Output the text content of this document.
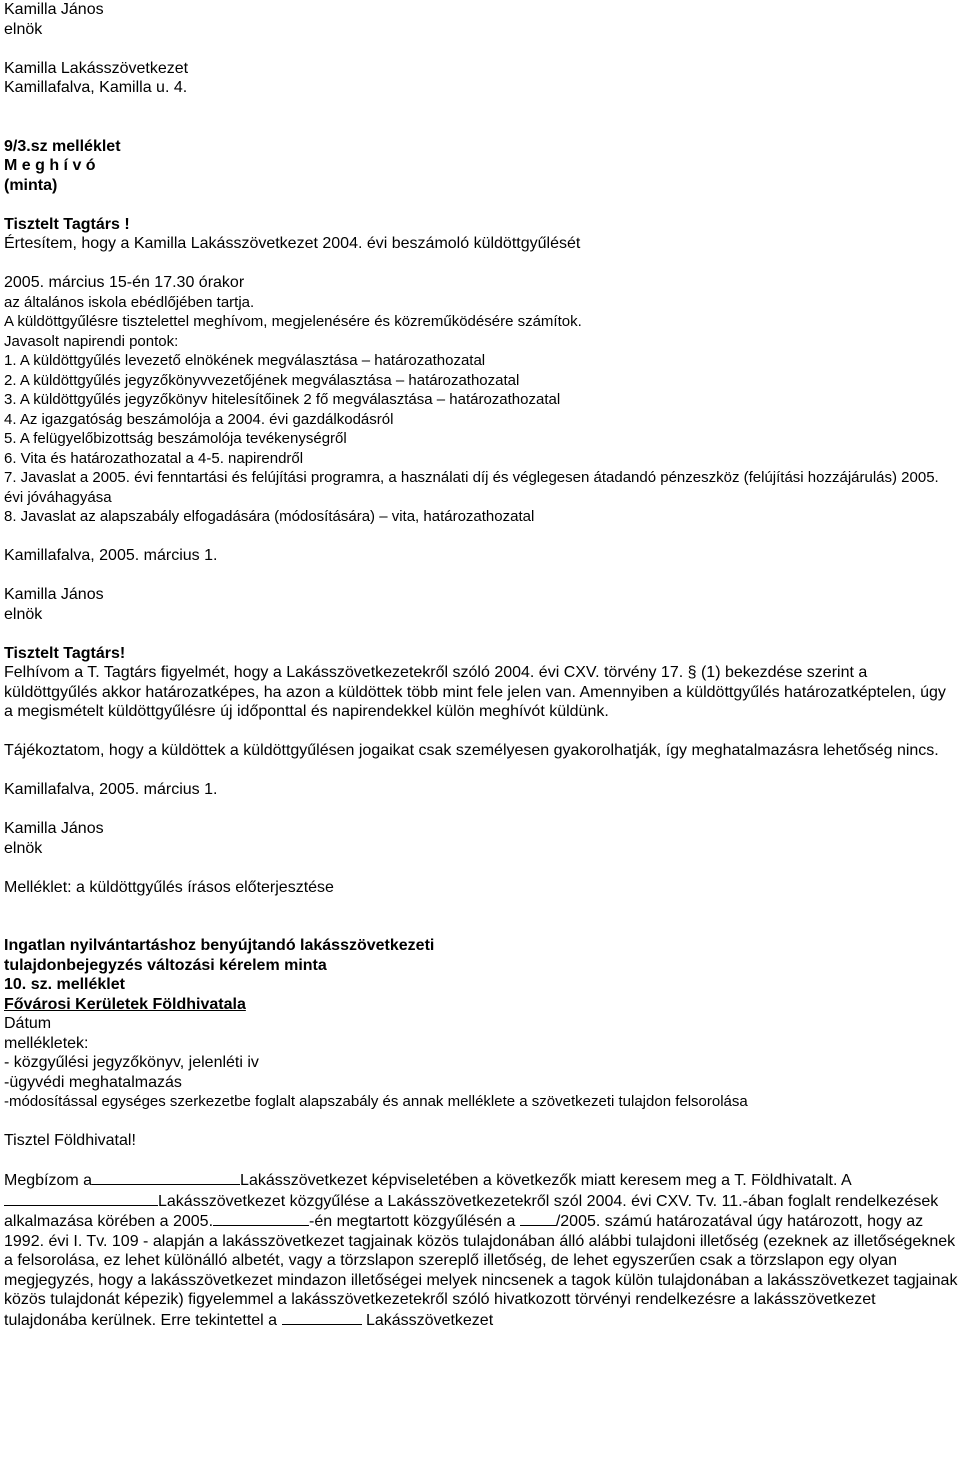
Kamilla János
elnök
Kamilla Lakásszövetkezet
Kamillafalva, Kamilla u. 4.
9/3.sz melléklet
M e g h í v ó
(minta)
Tisztelt Tagtárs !
Értesítem, hogy a Kamilla Lakásszövetkezet 2004. évi beszámoló küldöttgyűlését
2005. március 15-én 17.30 órakor
az általános iskola ebédlőjében tartja.
A küldöttgyűlésre tisztelettel meghívom, megjelenésére és közreműködésére számítok.
Javasolt napirendi pontok:
1. A küldöttgyűlés levezető elnökének megválasztása – határozathozatal
2. A küldöttgyűlés jegyzőkönyvvezetőjének megválasztása – határozathozatal
3. A küldöttgyűlés jegyzőkönyv hitelesítőinek 2 fő megválasztása – határozathozatal
4. Az igazgatóság beszámolója a 2004. évi gazdálkodásról
5. A felügyelőbizottság beszámolója tevékenységről
6. Vita és határozathozatal a 4-5. napirendről
7. Javaslat a 2005. évi fenntartási és felújítási programra, a használati díj és véglegesen átadandó pénzeszköz (felújítási hozzájárulás) 2005. évi jóváhagyása
8. Javaslat az alapszabály elfogadására (módosítására) – vita, határozathozatal
Kamillafalva, 2005. március 1.
Kamilla János
elnök
Tisztelt Tagtárs!
Felhívom a T. Tagtárs figyelmét, hogy a Lakásszövetkezetekről szóló 2004. évi CXV. törvény 17. § (1) bekezdése szerint a küldöttgyűlés akkor határozatképes, ha azon a küldöttek több mint fele jelen van. Amennyiben a küldöttgyűlés határozatképtelen, úgy a megismételt küldöttgyűlésre új időponttal és napirendekkel külön meghívót küldünk.
Tájékoztatom, hogy a küldöttek a küldöttgyűlésen jogaikat csak személyesen gyakorolhatják, így meghatalmazásra lehetőség nincs.
Kamillafalva, 2005. március 1.
Kamilla János
elnök
Melléklet: a küldöttgyűlés írásos előterjesztése
Ingatlan nyilvántartáshoz benyújtandó lakásszövetkezeti
tulajdonbejegyzés változási kérelem minta
10. sz. melléklet
Fővárosi Kerületek Földhivatala
Dátum
mellékletek:
- közgyűlési jegyzőkönyv, jelenléti iv
-ügyvédi meghatalmazás
-módosítással egységes szerkezetbe foglalt alapszabály és annak melléklete a szövetkezeti tulajdon felsorolása
Tisztel Földhivatal!
Megbízom a	Lakásszövetkezet képviseletében a következők miatt keresem meg a T. Földhivatalt. A Lakásszövetkezet közgyűlése a Lakásszövetkezetekről szól 2004. évi CXV. Tv. 11.-ában foglalt rendelkezések alkalmazása körében a 2005.	-én megtartott közgyűlésén a	/2005. számú határozatával úgy határozott, hogy az 1992. évi I. Tv. 109 - alapján a lakásszövetkezet tagjainak közös tulajdonában álló alábbi tulajdoni illetőség (ezeknek az illetőségeknek a felsorolása, ez lehet különálló albetét, vagy a törzslapon szereplő illetőség, de lehet egyszerűen csak a törzslapon egy olyan megjegyzés, hogy a lakásszövetkezet mindazon illetőségei melyek nincsenek a tagok külön tulajdonában a lakásszövetkezet tagjainak közös tulajdonát képezik) figyelemmel a lakásszövetkezetekről szóló hivatkozott törvényi rendelkezésre a lakásszövetkezet tulajdonába kerülnek. Erre tekintettel a	Lakásszövetkezet
